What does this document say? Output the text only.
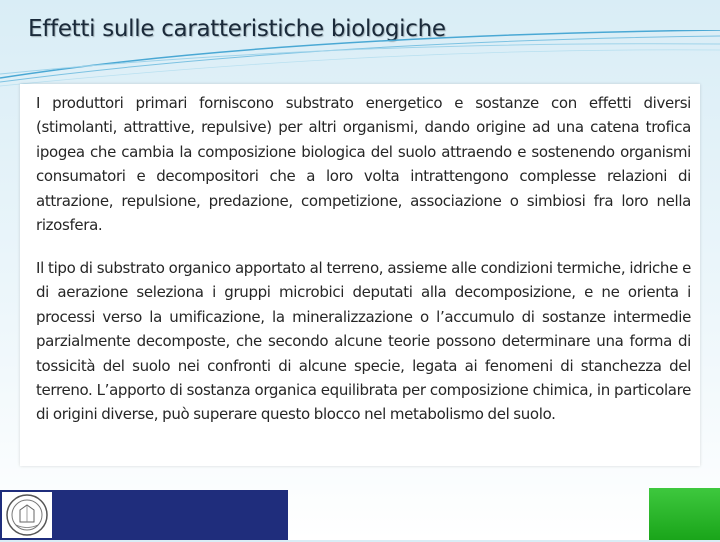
Effetti sulle caratteristiche biologiche

I produttori primari forniscono substrato energetico e sostanze con effetti diversi (stimolanti, attrattive, repulsive) per altri organismi, dando origine ad una catena trofica ipogea che cambia la composizione biologica del suolo attraendo e sostenendo organismi consumatori e decompositori che a loro volta intrattengono complesse relazioni di attrazione, repulsione, predazione, competizione, associazione o simbiosi fra loro nella rizosfera.

Il tipo di substrato organico apportato al terreno, assieme alle condizioni termiche, idriche e di aerazione seleziona i gruppi microbici deputati alla decomposizione, e ne orienta i processi verso la umificazione, la mineralizzazione o l’accumulo di sostanze intermedie parzialmente decomposte, che secondo alcune teorie possono determinare una forma di tossicità del suolo nei confronti di alcune specie, legata ai fenomeni di stanchezza del terreno. L’apporto di sostanza organica equilibrata per composizione chimica, in particolare di origini diverse, può superare questo blocco nel metabolismo del suolo.
